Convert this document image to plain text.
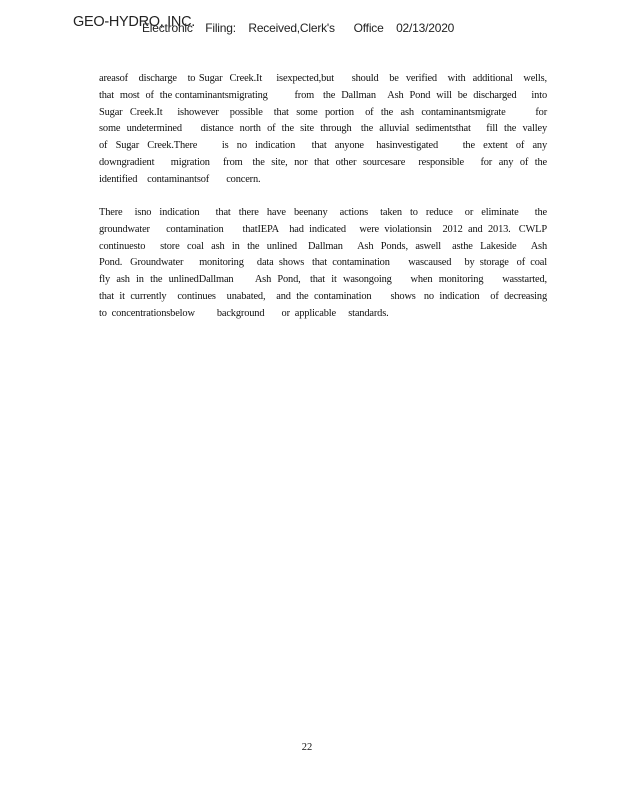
GEO-HYDRO, INC.
Electronic    Filing:    Received,Clerk's      Office    02/13/2020
areasof   discharge   to Sugar  Creek.It    isexpected,but     should   be  verified   with  additional   wells,
that  most  of  the contaminantsmigrating         from   the  Dallman    Ash  Pond  will  be  discharged     into
Sugar  Creek.It    ishowever   possible   that  some  portion   of  the  ash  contaminantsmigrate        for
some  undetermined      distance  north  of  the  site  through   the  alluvial  sedimentsthat     fill  the  valley
of  Sugar  Creek.There      is  no  indication    that  anyone   hasinvestigated      the  extent  of  any
downgradient     migration    from   the  site,  nor  that  other  sourcesare    responsible     for  any  of  the
identified    contaminantsof       concern.
There   isno  indication    that  there  have  beenany   actions   taken  to  reduce   or  eliminate    the
groundwater      contamination       thatIEPA    had  indicated     were  violationsin    2012  and  2013.   CWLP
continuesto    store  coal  ash  in  the  unlined   Dallman    Ash  Ponds,  aswell   asthe  Lakeside    Ash
Pond.   Groundwater      monitoring     data  shows   that  contamination       wascaused     by  storage   of  coal
fly  ash  in  the  unlinedDallman       Ash  Pond,   that  it  wasongoing      when  monitoring      wasstarted,
that  it  currently    continues    unabated,    and  the  contamination       shows   no  indication    of  decreasing
to  concentrationsbelow         background       or  applicable     standards.
22
